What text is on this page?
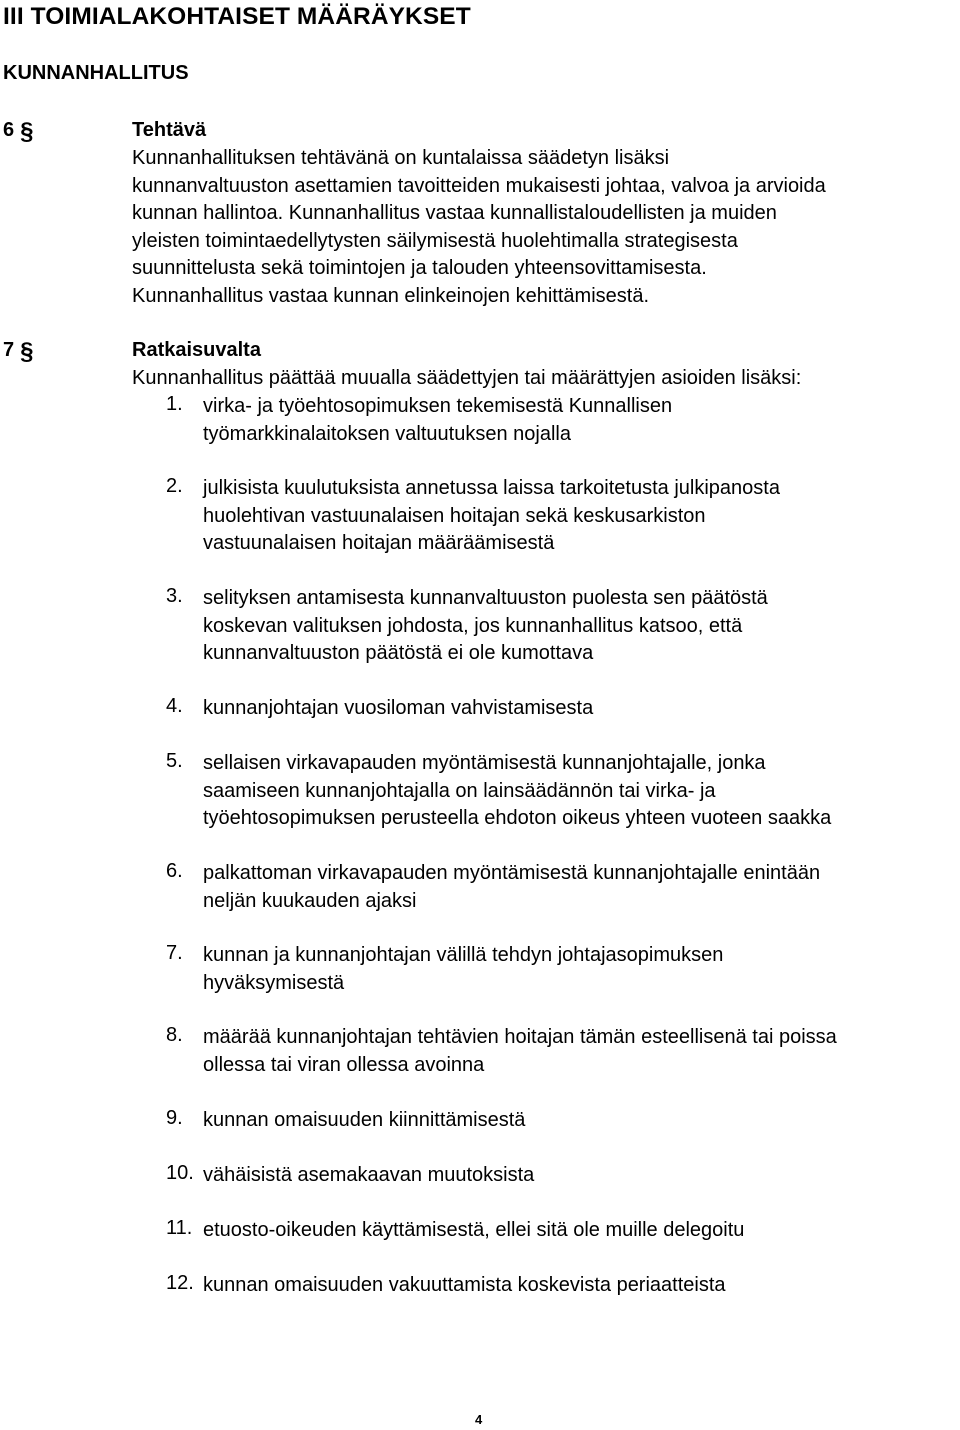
III TOIMIALAKOHTAISET MÄÄRÄYKSET
KUNNANHALLITUS
6 §	Tehtävä
Kunnanhallituksen tehtävänä on kuntalaissa säädetyn lisäksi
kunnanvaltuuston asettamien tavoitteiden mukaisesti johtaa, valvoa ja arvioida
kunnan hallintoa. Kunnanhallitus vastaa kunnallistaloudellisten ja muiden
yleisten toimintaedellytysten säilymisestä huolehtimalla strategisesta
suunnittelusta sekä toimintojen ja talouden yhteensovittamisesta.
Kunnanhallitus vastaa kunnan elinkeinojen kehittämisestä.
7 §	Ratkaisuvalta
Kunnanhallitus päättää muualla säädettyjen tai määrättyjen asioiden lisäksi:
1. virka- ja työehtosopimuksen tekemisestä Kunnallisen
työmarkkinalaitoksen valtuutuksen nojalla
2. julkisista kuulutuksista annetussa laissa tarkoitetusta julkipanosta
huolehtivan vastuunalaisen hoitajan sekä keskusarkiston
vastuunalaisen hoitajan määräämisestä
3. selityksen antamisesta kunnanvaltuuston puolesta sen päätöstä
koskevan valituksen johdosta, jos kunnanhallitus katsoo, että
kunnanvaltuuston päätöstä ei ole kumottava
4. kunnanjohtajan vuosiloman vahvistamisesta
5. sellaisen virkavapauden myöntämisestä kunnanjohtajalle, jonka
saamiseen kunnanjohtajalla on lainsäädännön tai virka- ja
työehtosopimuksen perusteella ehdoton oikeus yhteen vuoteen saakka
6. palkattoman virkavapauden myöntämisestä kunnanjohtajalle enintään
neljän kuukauden ajaksi
7. kunnan ja kunnanjohtajan välillä tehdyn johtajasopimuksen
hyväksymisestä
8. määrää kunnanjohtajan tehtävien hoitajan tämän esteellisenä tai poissa
ollessa tai viran ollessa avoinna
9. kunnan omaisuuden kiinnittämisestä
10. vähäisistä asemakaavan muutoksista
11. etuosto-oikeuden käyttämisestä, ellei sitä ole muille delegoitu
12. kunnan omaisuuden vakuuttamista koskevista periaatteista
4
